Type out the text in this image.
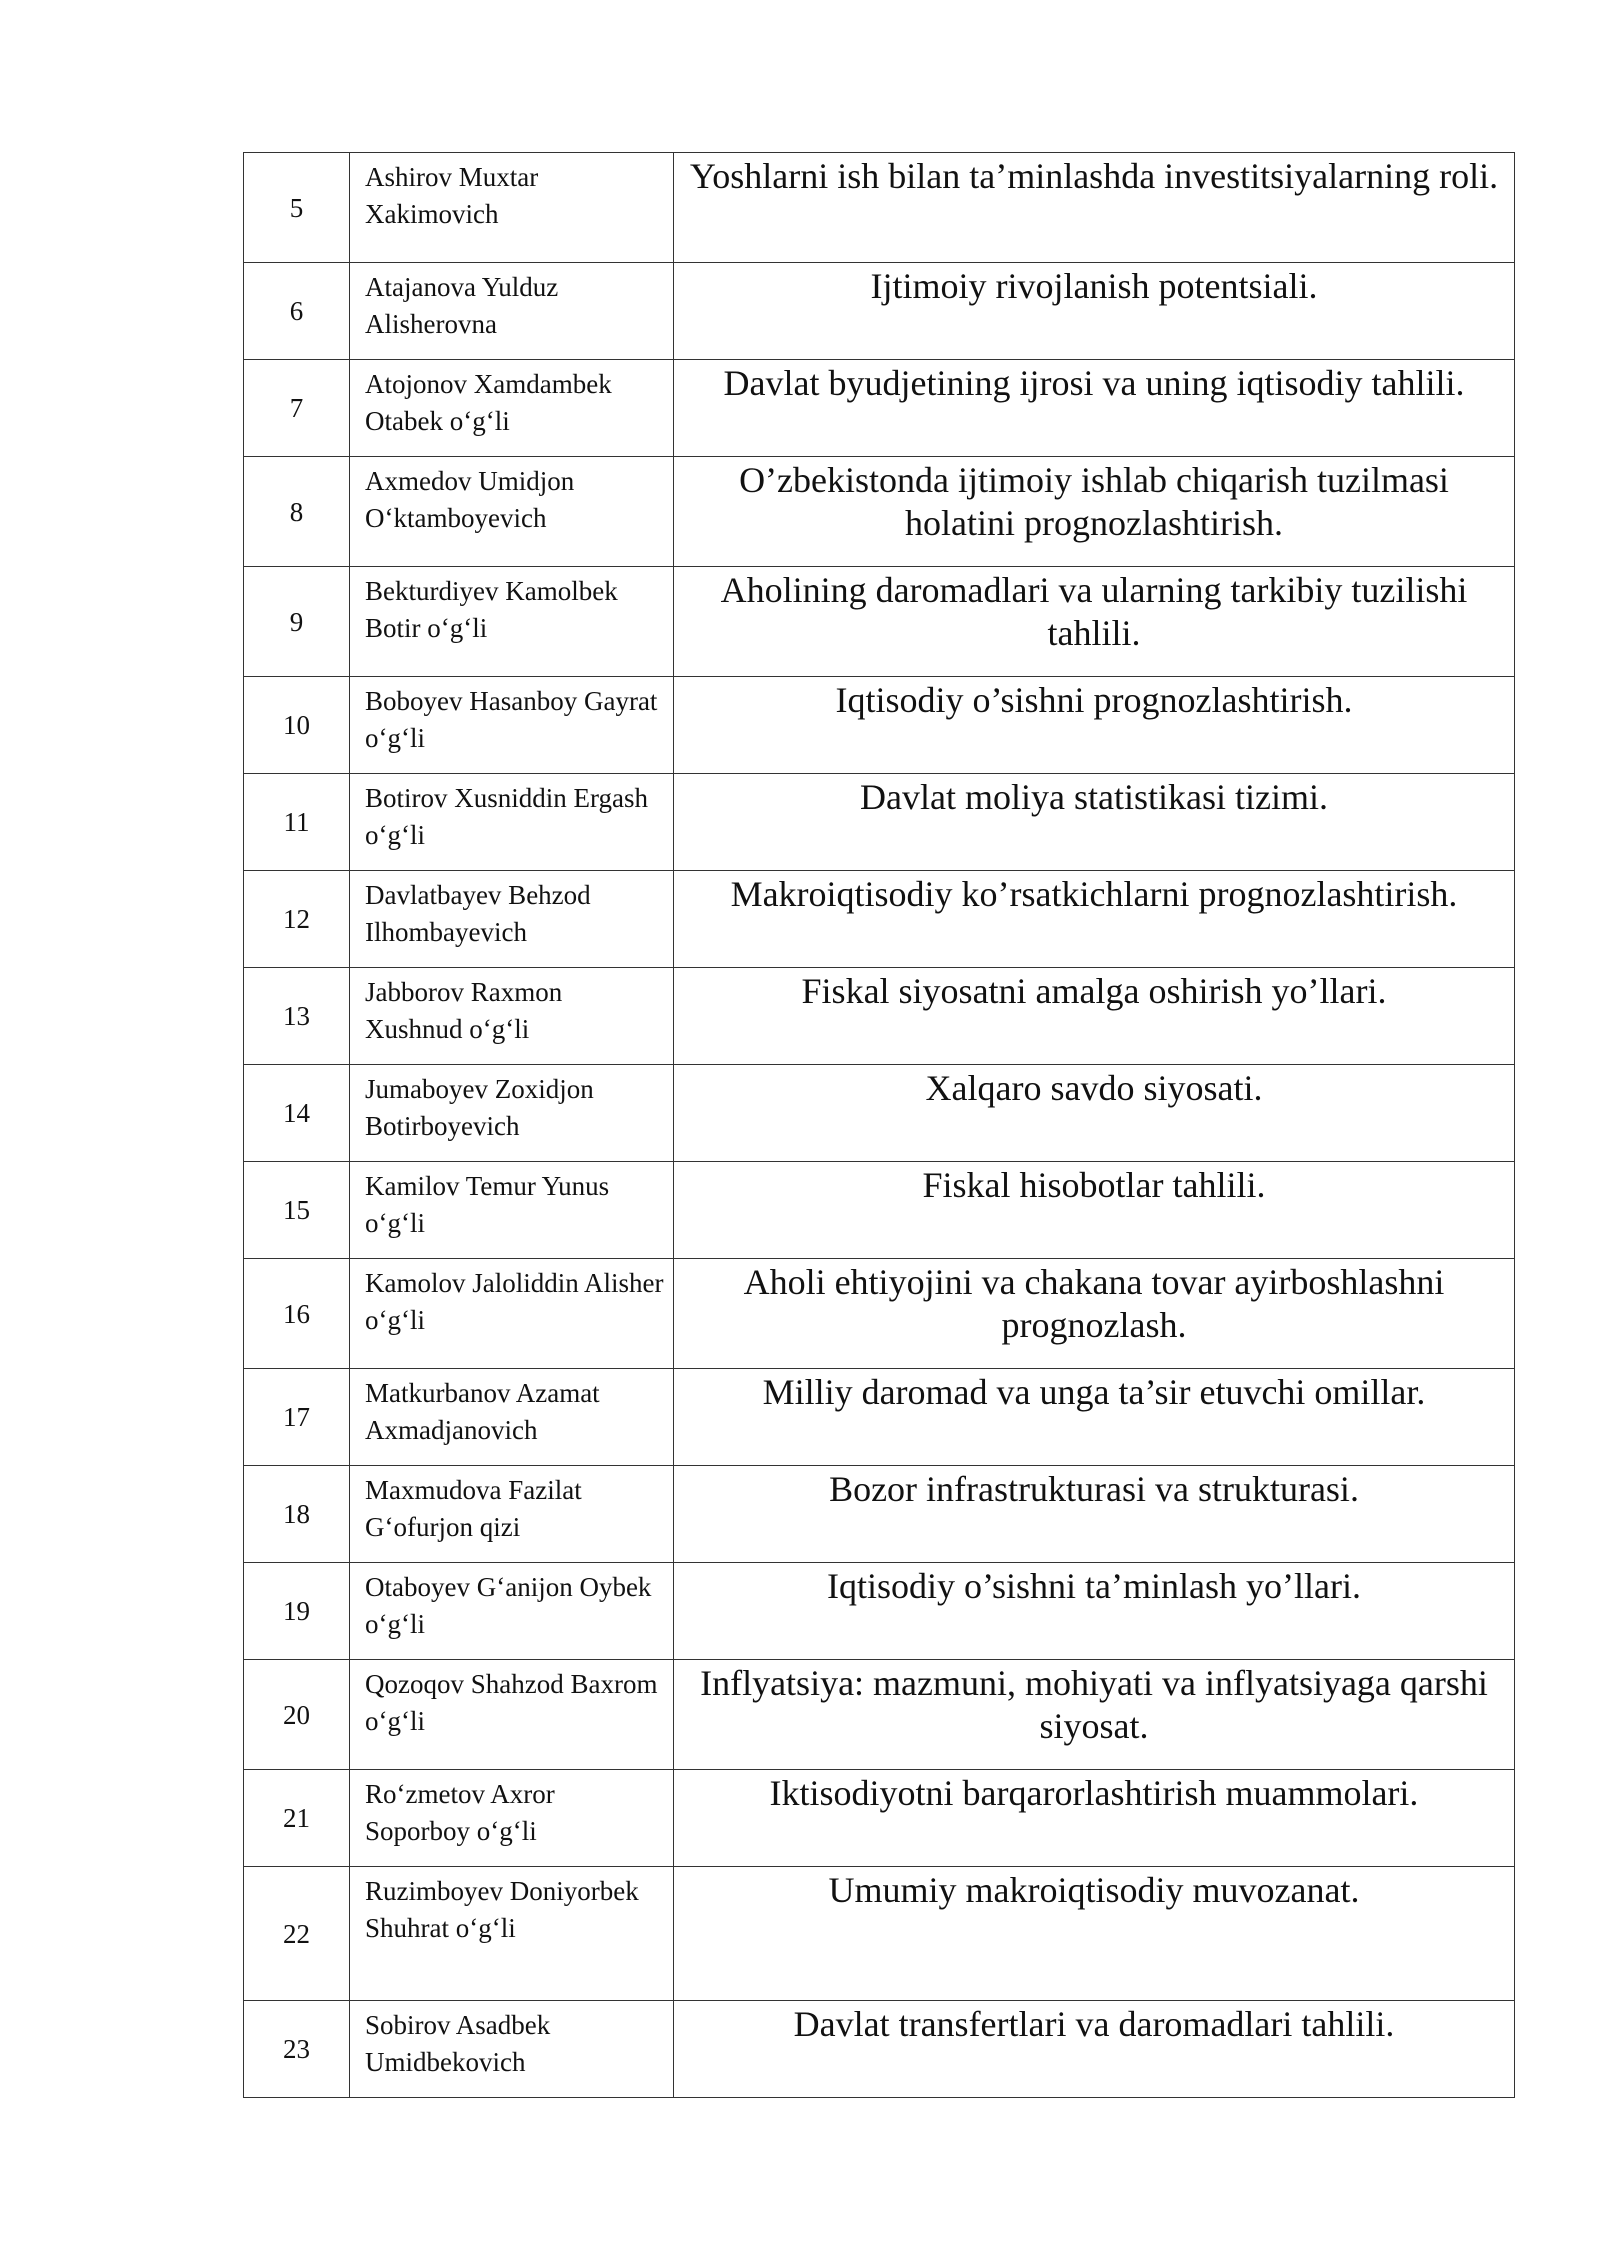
5	Ashirov Muxtar Xakimovich	Yoshlarni ish bilan ta’minlashda investitsiyalarning roli.
6	Atajanova Yulduz Alisherovna	Ijtimoiy rivojlanish potentsiali.
7	Atojonov Xamdambek Otabek o‘g‘li	Davlat byudjetining ijrosi va uning iqtisodiy tahlili.
8	Axmedov Umidjon O‘ktamboyevich	O’zbekistonda ijtimoiy ishlab chiqarish tuzilmasi holatini prognozlashtirish.
9	Bekturdiyev Kamolbek Botir o‘g‘li	Aholining daromadlari va ularning tarkibiy tuzilishi tahlili.
10	Boboyev Hasanboy Gayrat o‘g‘li	Iqtisodiy o’sishni prognozlashtirish.
11	Botirov Xusniddin Ergash o‘g‘li	Davlat moliya statistikasi tizimi.
12	Davlatbayev Behzod Ilhombayevich	Makroiqtisodiy ko’rsatkichlarni prognozlashtirish.
13	Jabborov Raxmon Xushnud o‘g‘li	Fiskal siyosatni amalga oshirish yo’llari.
14	Jumaboyev Zoxidjon Botirboyevich	Xalqaro savdo siyosati.
15	Kamilov Temur Yunus o‘g‘li	Fiskal hisobotlar tahlili.
16	Kamolov Jaloliddin Alisher o‘g‘li	Aholi ehtiyojini va chakana tovar ayirboshlashni prognozlash.
17	Matkurbanov Azamat Axmadjanovich	Milliy daromad va unga ta’sir etuvchi omillar.
18	Maxmudova Fazilat G‘ofurjon qizi	Bozor infrastrukturasi va strukturasi.
19	Otaboyev G‘anijon Oybek o‘g‘li	Iqtisodiy o’sishni ta’minlash yo’llari.
20	Qozoqov Shahzod Baxrom o‘g‘li	Inflyatsiya: mazmuni, mohiyati va inflyatsiyaga qarshi siyosat.
21	Ro‘zmetov Axror Soporboy o‘g‘li	Iktisodiyotni barqarorlashtirish muammolari.
22	Ruzimboyev Doniyorbek Shuhrat o‘g‘li	Umumiy makroiqtisodiy muvozanat.
23	Sobirov Asadbek Umidbekovich	Davlat transfertlari va daromadlari tahlili.
